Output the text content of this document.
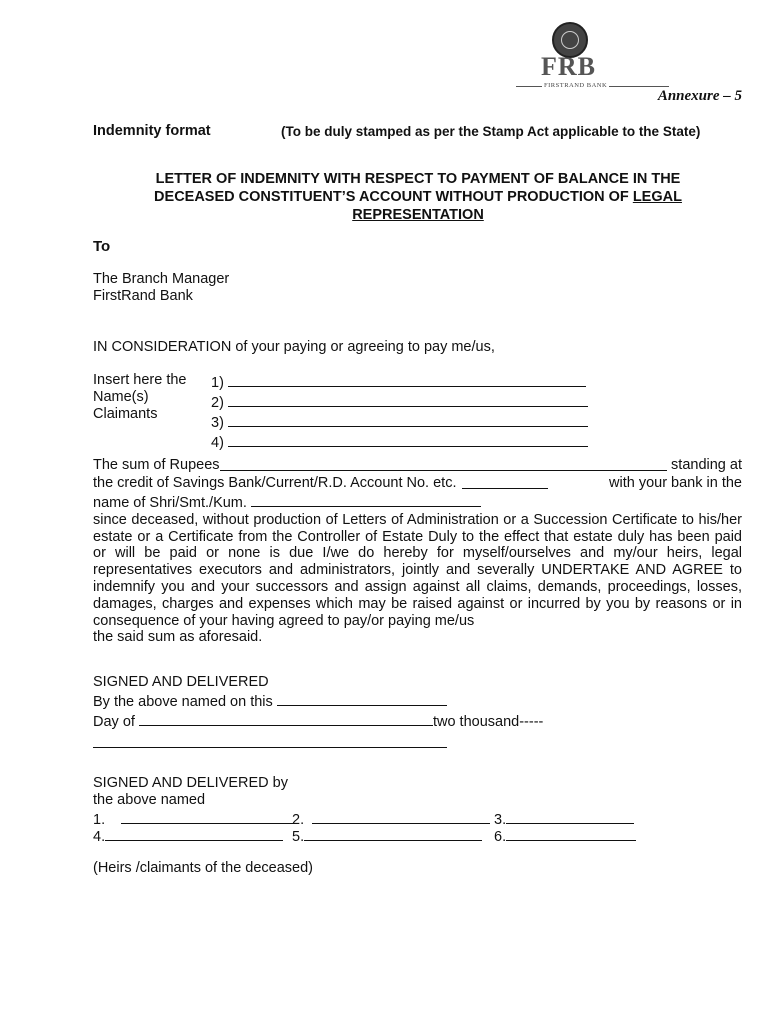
FRB
FIRSTRAND BANK
Annexure – 5
Indemnity format	(To be duly stamped as per the Stamp Act applicable to the State)
LETTER OF INDEMNITY WITH RESPECT TO PAYMENT OF BALANCE IN THE
DECEASED CONSTITUENT’S ACCOUNT WITHOUT PRODUCTION OF LEGAL
REPRESENTATION
To
The Branch Manager
FirstRand Bank
IN CONSIDERATION of your paying or agreeing to pay me/us,
Insert here the
Name(s)
Claimants
1)
2)
3)
4)
The sum of Rupees	standing at
the credit of Savings Bank/Current/R.D. Account No. etc.	with your bank in the
name of Shri/Smt./Kum.
since deceased, without production of Letters of Administration or a Succession Certificate to his/her estate or a Certificate from the Controller of Estate Duly to the effect that estate duly has been paid or will be paid or none is due I/we do hereby for myself/ourselves and my/our heirs, legal representatives executors and administrators, jointly and severally UNDERTAKE AND AGREE to indemnify you and your successors and assign against all claims, demands, proceedings, losses, damages, charges and expenses which may be raised against or incurred by you by reasons or in consequence of your having agreed to pay/or paying me/us
the said sum as aforesaid.
SIGNED AND DELIVERED
By the above named on this
Day of	two thousand-----
SIGNED AND DELIVERED by
the above named
1.	2.	3.
4.	5.	6.
(Heirs /claimants of the deceased)
